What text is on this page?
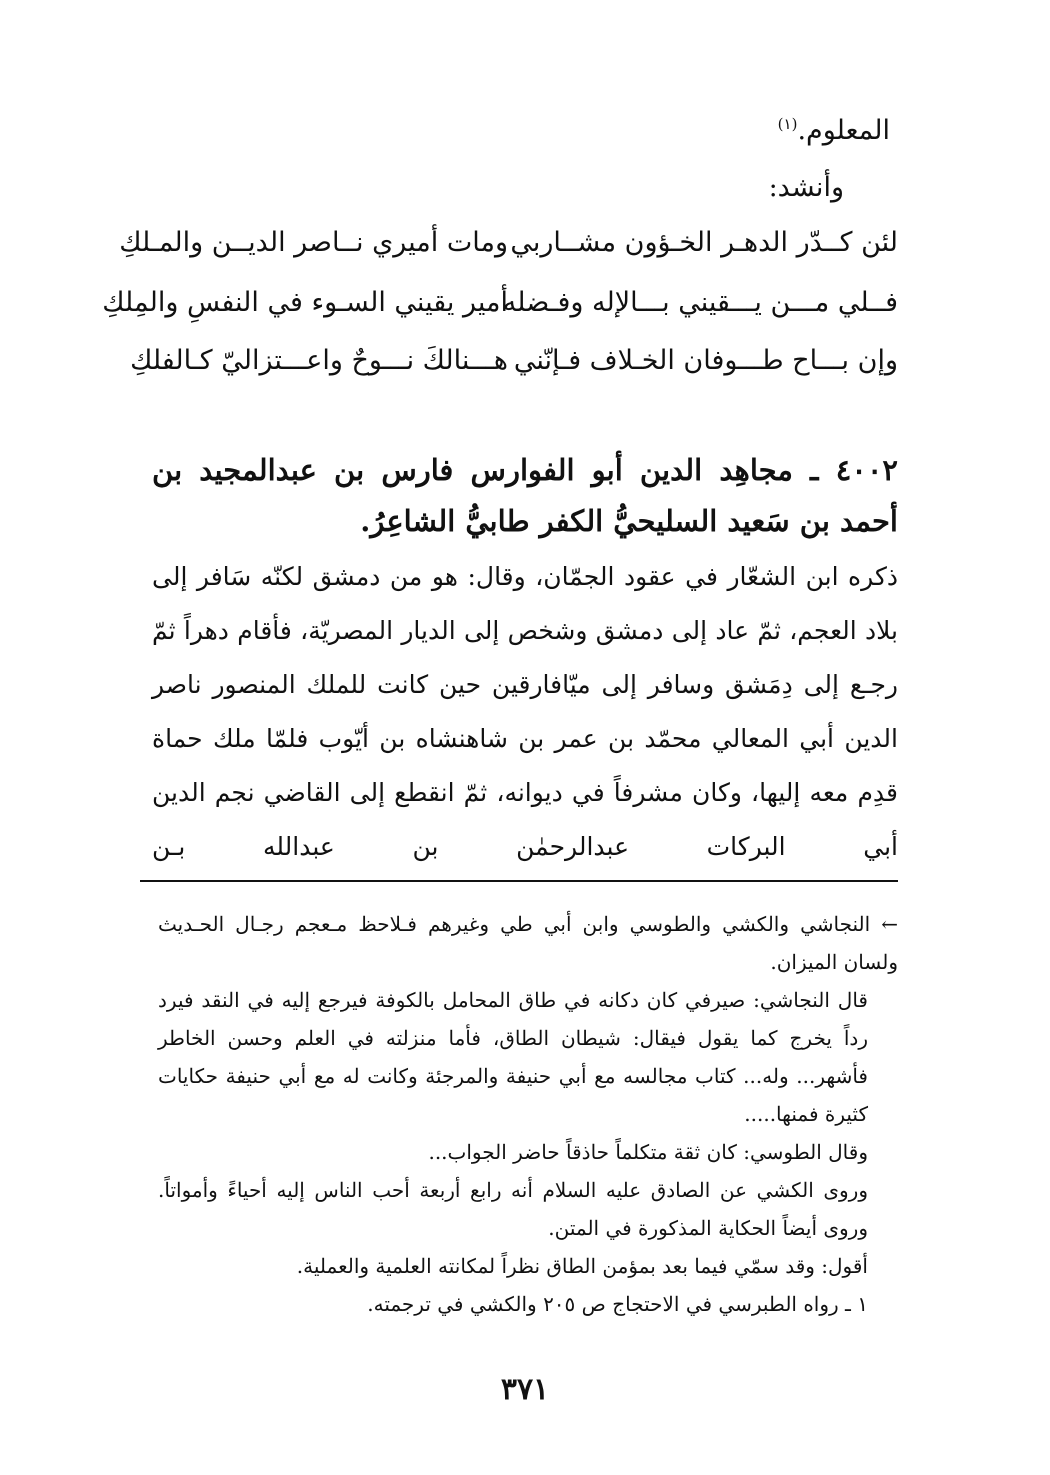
المعلوم.$^{(١)}$
وأنشد:
لئن كــدّر الدهـر الخـؤون مشــاربي
ومات أميري نــاصر الديــن والمـلكِ
فــلي مـــن يـــقيني بـــالإله وفـضله
أمير يقيني السـوء في النفسِ والمِلكِ
وإن بـــاح طـــوفان الخـلاف فـإنّني
هـــنالكَ نـــوحٌ واعـــتزاليّ كـالفلكِ
٤٠٠٢ ـ مجاهِد الدين أبو الفوارس فارس بن عبدالمجيد بن أحمد بن سَعيد السليحيُّ الكفر طابيُّ الشاعِرُ.
ذكره ابن الشعّار في عقود الجمّان، وقال: هو من دمشق لكنّه سَافر إلى بلاد العجم، ثمّ عاد إلى دمشق وشخص إلى الديار المصريّة، فأقام دهراً ثمّ رجـع إلى دِمَشق وسافر إلى ميّافارقين حين كانت للملك المنصور ناصر الدين أبي المعالي محمّد بن عمر بن شاهنشاه بن أيّوب فلمّا ملك حماة قدِم معه إليها، وكان مشرفاً في ديوانه، ثمّ انقطع إلى القاضي نجم الدين أبي البركات عبدالرحمٰن بن عبدالله بـن

← النجاشي والكشي والطوسي وابن أبي طي وغيرهم فـلاحظ مـعجم رجـال الحـديث ولسان الميزان.

قال النجاشي: صيرفي كان دكانه في طاق المحامل بالكوفة فيرجع إليه في النقد فيرد رداً يخرج كما يقول فيقال: شيطان الطاق، فأما منزلته في العلم وحسن الخاطر فأشهر... وله... كتاب مجالسه مع أبي حنيفة والمرجئة وكانت له مع أبي حنيفة حكايات كثيرة فمنها.....

وقال الطوسي: كان ثقة متكلماً حاذقاً حاضر الجواب...

وروى الكشي عن الصادق عليه السلام أنه رابع أربعة أحب الناس إليه أحياءً وأمواتاً. وروى أيضاً الحكاية المذكورة في المتن.

أقول: وقد سمّي فيما بعد بمؤمن الطاق نظراً لمكانته العلمية والعملية.

١ ـ رواه الطبرسي في الاحتجاج ص ٢٠٥ والكشي في ترجمته.

٣٧١
